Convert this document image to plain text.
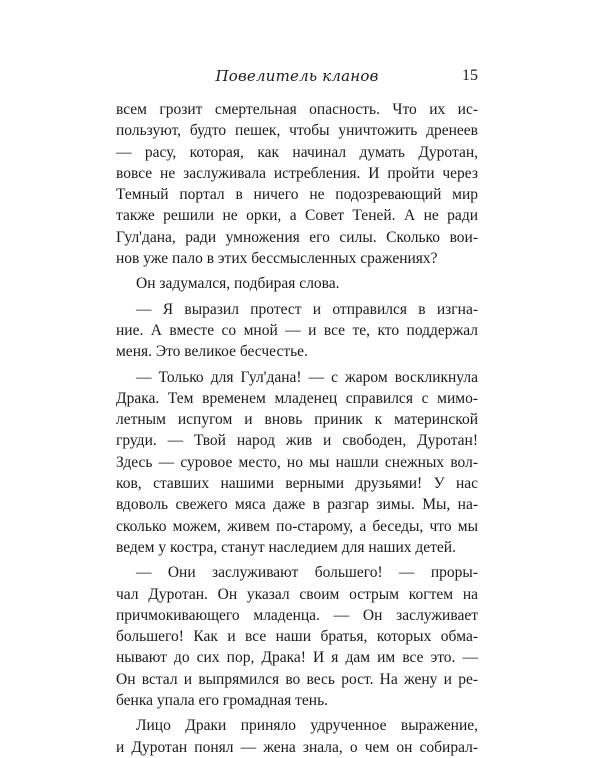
Повелитель кланов	15
всем грозит смертельная опасность. Что их ис-
пользуют, будто пешек, чтобы уничтожить дренеев
— расу, которая, как начинал думать Дуротан,
вовсе не заслуживала истребления. И пройти через
Темный портал в ничего не подозревающий мир
также решили не орки, а Совет Теней. А не ради
Гул'дана, ради умножения его силы. Сколько вои-
нов уже пало в этих бессмысленных сражениях?
Он задумался, подбирая слова.
— Я выразил протест и отправился в изгна-
ние. А вместе со мной — и все те, кто поддержал
меня. Это великое бесчестье.
— Только для Гул'дана! — с жаром воскликнула
Драка. Тем временем младенец справился с мимо-
летным испугом и вновь приник к материнской
груди. — Твой народ жив и свободен, Дуротан!
Здесь — суровое место, но мы нашли снежных вол-
ков, ставших нашими верными друзьями! У нас
вдоволь свежего мяса даже в разгар зимы. Мы, на-
сколько можем, живем по-старому, а беседы, что мы
ведем у костра, станут наследием для наших детей.
— Они заслуживают большего! — проры-
чал Дуротан. Он указал своим острым когтем на
причмокивающего младенца. — Он заслуживает
большего! Как и все наши братья, которых обма-
нывают до сих пор, Драка! И я дам им все это. —
Он встал и выпрямился во весь рост. На жену и ре-
бенка упала его громадная тень.
Лицо Драки приняло удрученное выражение,
и Дуротан понял — жена знала, о чем он собирал-
